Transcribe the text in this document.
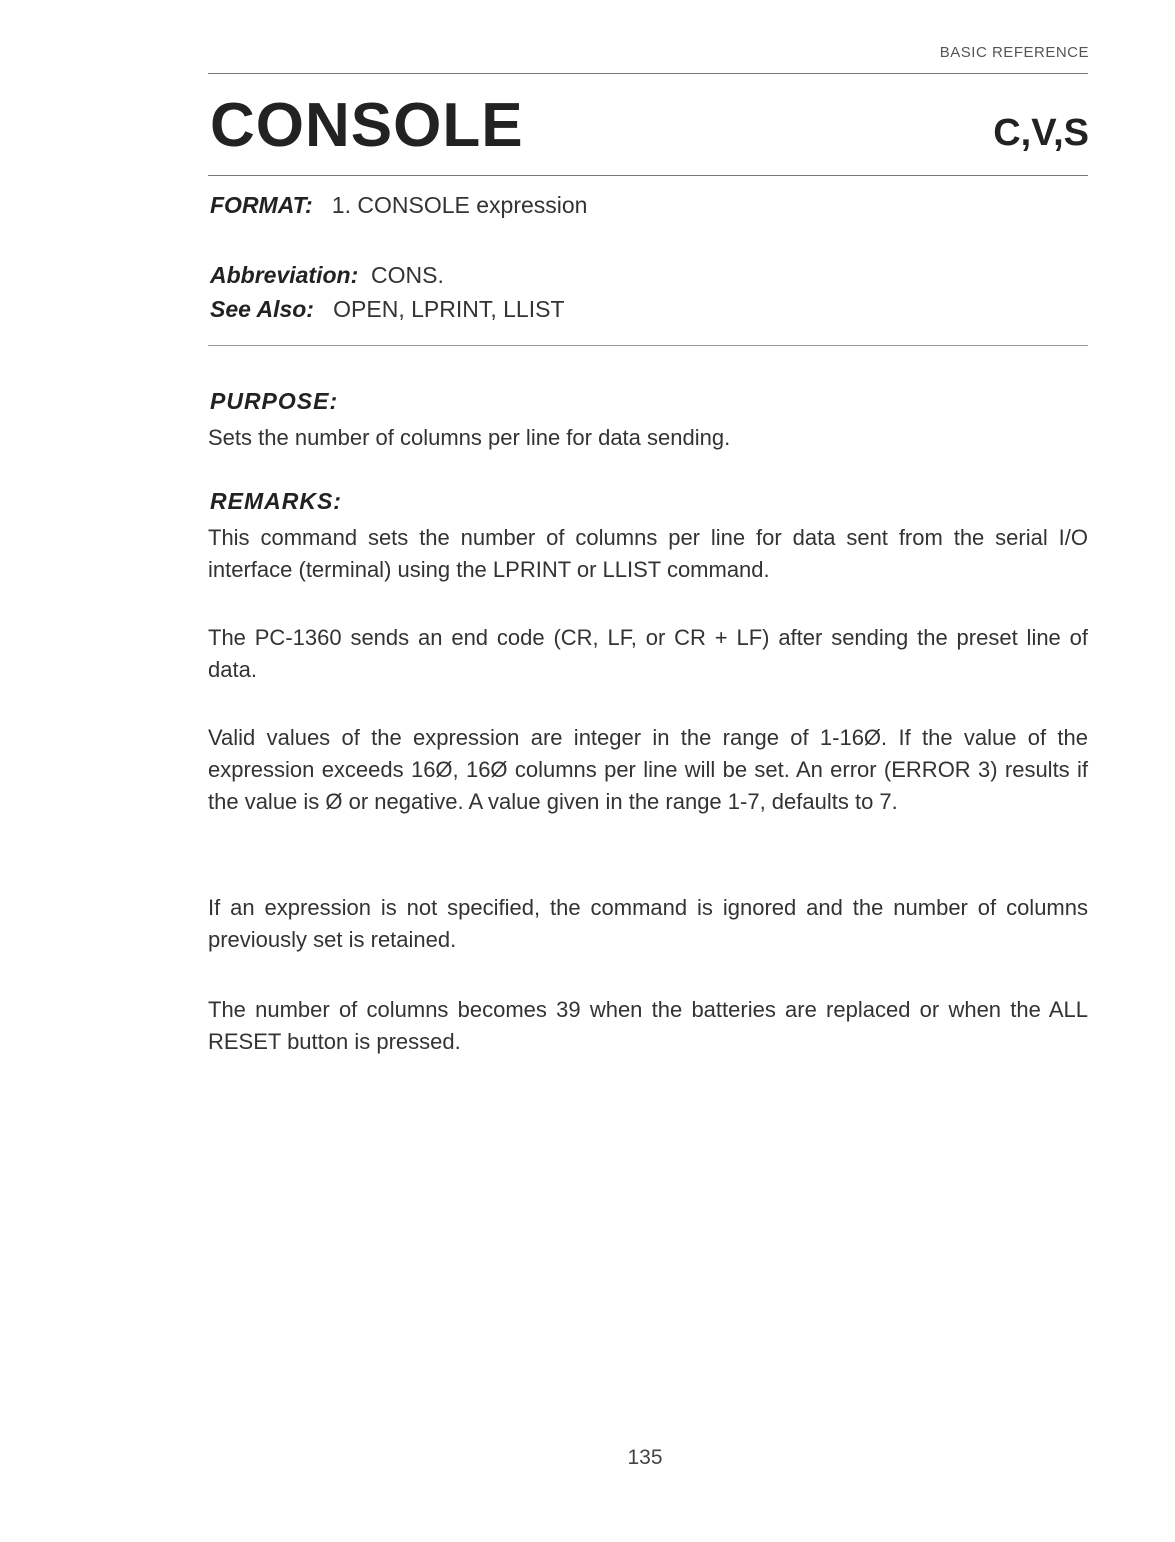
BASIC REFERENCE
CONSOLE	C,V,S
FORMAT: 1. CONSOLE expression
Abbreviation: CONS.
See Also: OPEN, LPRINT, LLIST
PURPOSE:
Sets the number of columns per line for data sending.
REMARKS:
This command sets the number of columns per line for data sent from the serial I/O interface (terminal) using the LPRINT or LLIST command.
The PC-1360 sends an end code (CR, LF, or CR + LF) after sending the preset line of data.
Valid values of the expression are integer in the range of 1-16Ø. If the value of the expression exceeds 16Ø, 16Ø columns per line will be set. An error (ERROR 3) results if the value is Ø or negative. A value given in the range 1-7, defaults to 7.
If an expression is not specified, the command is ignored and the number of columns previously set is retained.
The number of columns becomes 39 when the batteries are replaced or when the ALL RESET button is pressed.
135
